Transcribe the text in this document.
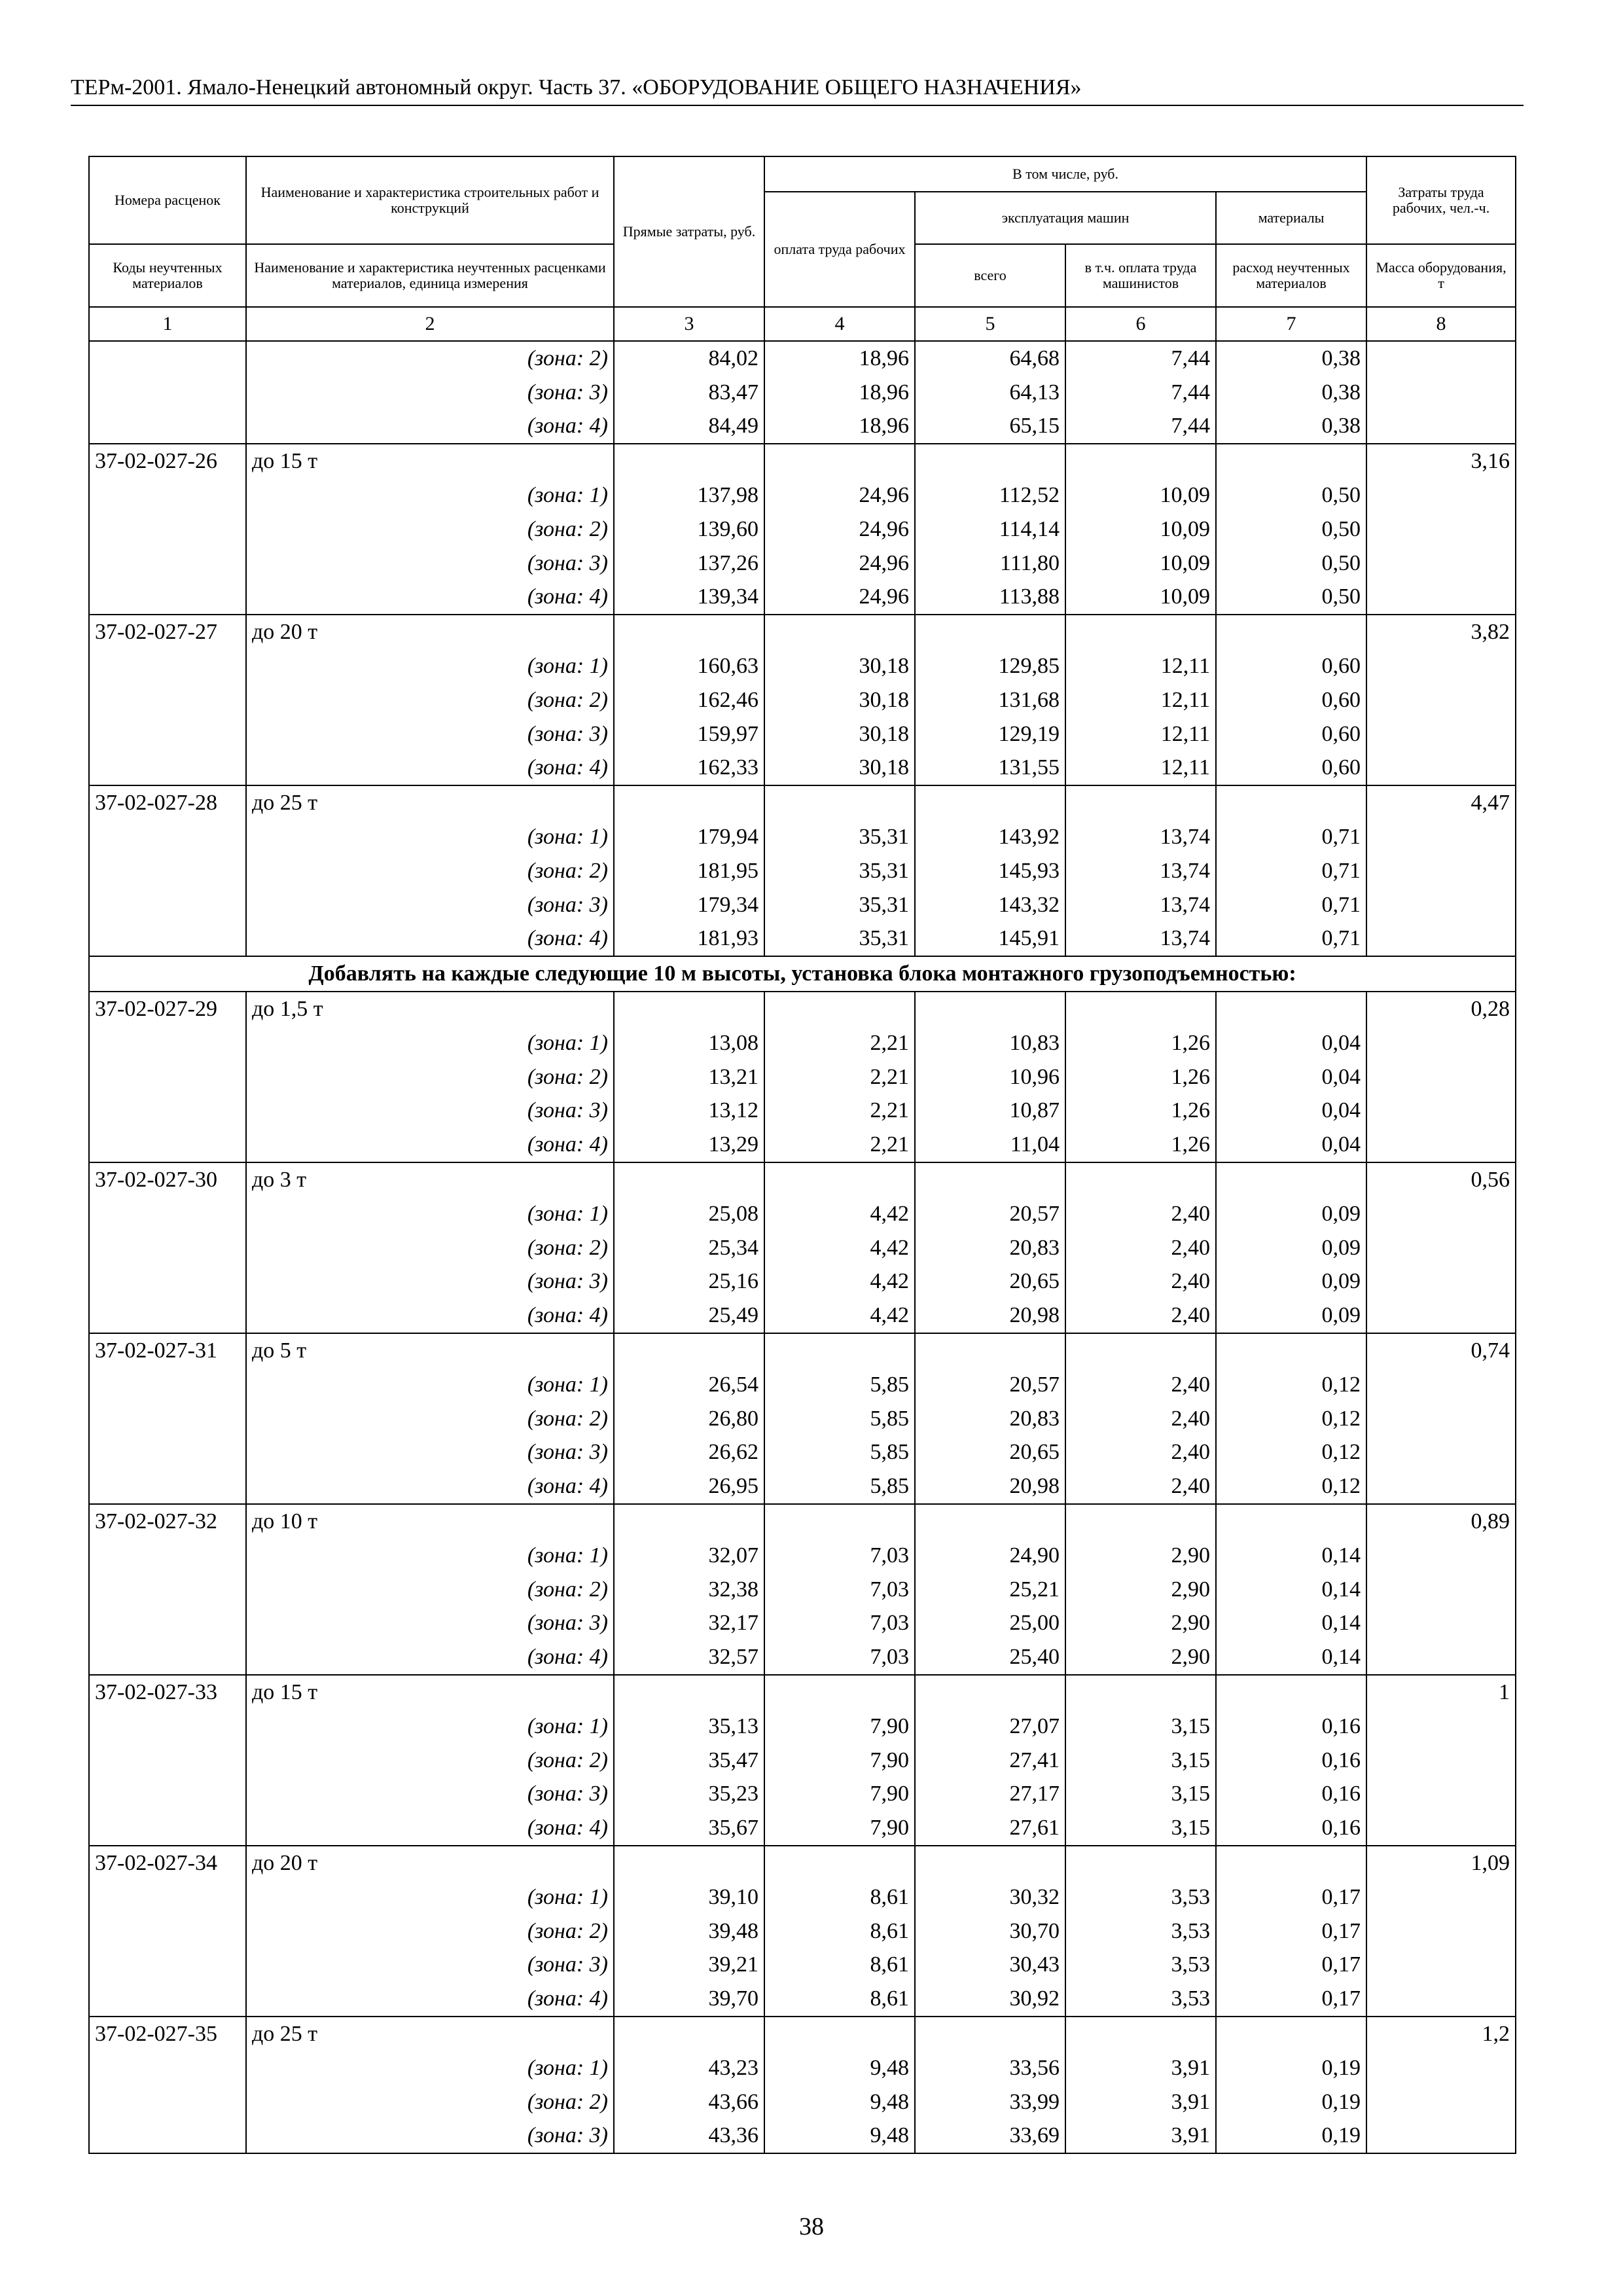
ТЕРм-2001. Ямало-Ненецкий автономный округ. Часть 37. «ОБОРУДОВАНИЕ ОБЩЕГО НАЗНАЧЕНИЯ»
Номера расценок	Наименование и характеристика строительных работ и конструкций	Прямые затраты, руб.	В том числе, руб.				Затраты труда рабочих, чел.-ч.
			оплата труда рабочих	эксплуатация машин		материалы	

Коды неучтенных материалов	Наименование и характеристика неучтенных расценками материалов, единица измерения			всего	в т.ч. оплата труда машинистов	расход неучтенных материалов	Масса оборудования, т
1	2	3	4	5	6	7	8
	(зона: 2)	84,02	18,96	64,68	7,44	0,38	
	(зона: 3)	83,47	18,96	64,13	7,44	0,38	
	(зона: 4)	84,49	18,96	65,15	7,44	0,38	
37-02-027-26	до 15 т						3,16
	(зона: 1)	137,98	24,96	112,52	10,09	0,50	
	(зона: 2)	139,60	24,96	114,14	10,09	0,50	
	(зона: 3)	137,26	24,96	111,80	10,09	0,50	
	(зона: 4)	139,34	24,96	113,88	10,09	0,50	
37-02-027-27	до 20 т						3,82
	(зона: 1)	160,63	30,18	129,85	12,11	0,60	
	(зона: 2)	162,46	30,18	131,68	12,11	0,60	
	(зона: 3)	159,97	30,18	129,19	12,11	0,60	
	(зона: 4)	162,33	30,18	131,55	12,11	0,60	
37-02-027-28	до 25 т						4,47
	(зона: 1)	179,94	35,31	143,92	13,74	0,71	
	(зона: 2)	181,95	35,31	145,93	13,74	0,71	
	(зона: 3)	179,34	35,31	143,32	13,74	0,71	
	(зона: 4)	181,93	35,31	145,91	13,74	0,71	
Добавлять на каждые следующие 10 м высоты, установка блока монтажного грузоподъемностью:							
37-02-027-29	до 1,5 т						0,28
	(зона: 1)	13,08	2,21	10,83	1,26	0,04	
	(зона: 2)	13,21	2,21	10,96	1,26	0,04	
	(зона: 3)	13,12	2,21	10,87	1,26	0,04	
	(зона: 4)	13,29	2,21	11,04	1,26	0,04	
37-02-027-30	до 3 т						0,56
	(зона: 1)	25,08	4,42	20,57	2,40	0,09	
	(зона: 2)	25,34	4,42	20,83	2,40	0,09	
	(зона: 3)	25,16	4,42	20,65	2,40	0,09	
	(зона: 4)	25,49	4,42	20,98	2,40	0,09	
37-02-027-31	до 5 т						0,74
	(зона: 1)	26,54	5,85	20,57	2,40	0,12	
	(зона: 2)	26,80	5,85	20,83	2,40	0,12	
	(зона: 3)	26,62	5,85	20,65	2,40	0,12	
	(зона: 4)	26,95	5,85	20,98	2,40	0,12	
37-02-027-32	до 10 т						0,89
	(зона: 1)	32,07	7,03	24,90	2,90	0,14	
	(зона: 2)	32,38	7,03	25,21	2,90	0,14	
	(зона: 3)	32,17	7,03	25,00	2,90	0,14	
	(зона: 4)	32,57	7,03	25,40	2,90	0,14	
37-02-027-33	до 15 т						1
	(зона: 1)	35,13	7,90	27,07	3,15	0,16	
	(зона: 2)	35,47	7,90	27,41	3,15	0,16	
	(зона: 3)	35,23	7,90	27,17	3,15	0,16	
	(зона: 4)	35,67	7,90	27,61	3,15	0,16	
37-02-027-34	до 20 т						1,09
	(зона: 1)	39,10	8,61	30,32	3,53	0,17	
	(зона: 2)	39,48	8,61	30,70	3,53	0,17	
	(зона: 3)	39,21	8,61	30,43	3,53	0,17	
	(зона: 4)	39,70	8,61	30,92	3,53	0,17	
37-02-027-35	до 25 т						1,2
	(зона: 1)	43,23	9,48	33,56	3,91	0,19	
	(зона: 2)	43,66	9,48	33,99	3,91	0,19	
	(зона: 3)	43,36	9,48	33,69	3,91	0,19	
38
